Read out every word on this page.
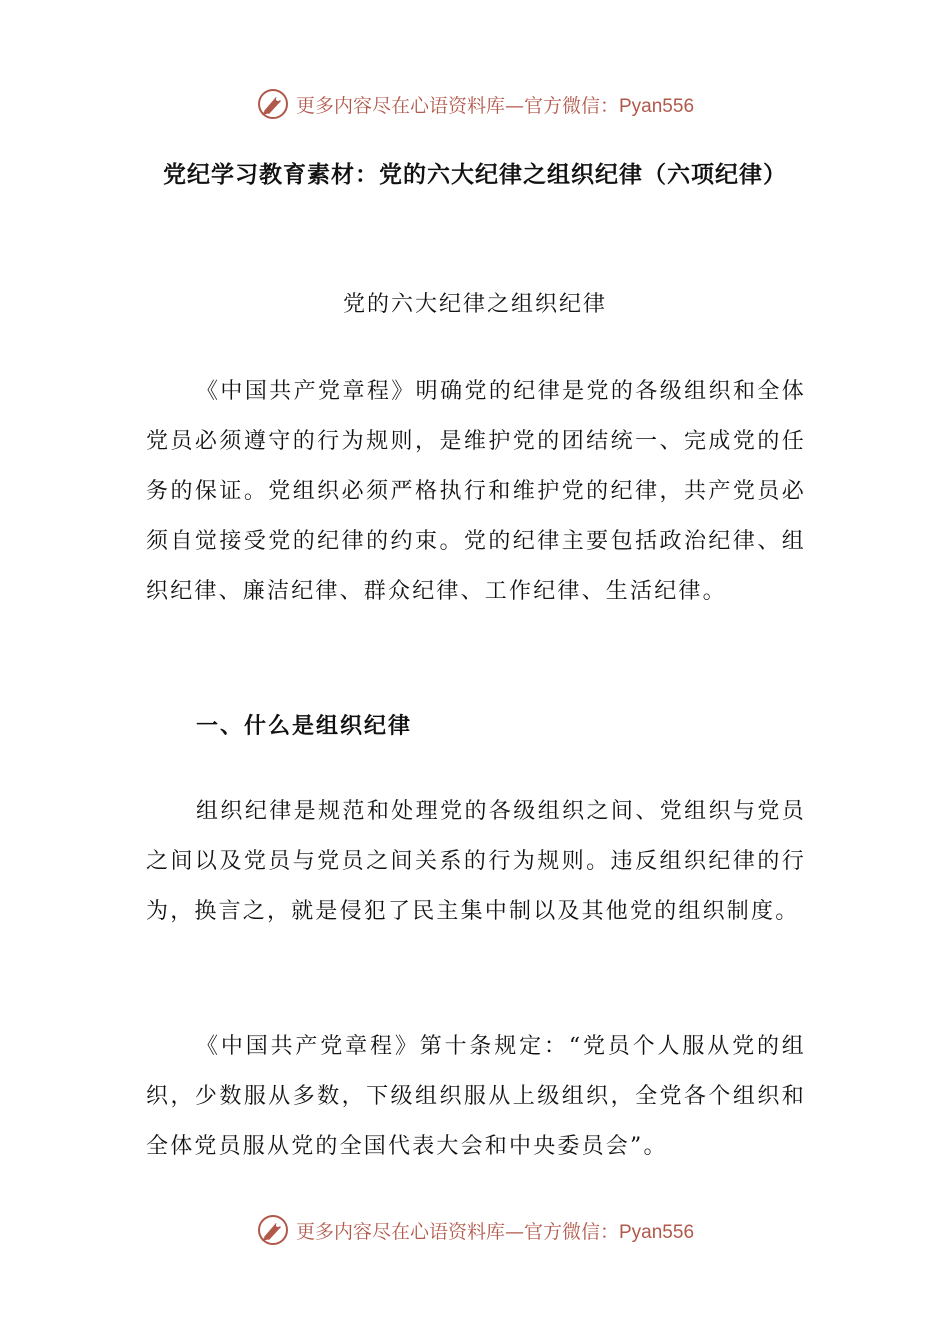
更多内容尽在心语资料库—官方微信：Pyan556
党纪学习教育素材：党的六大纪律之组织纪律（六项纪律）

党的六大纪律之组织纪律

《中国共产党章程》明确党的纪律是党的各级组织和全体党员必须遵守的行为规则，是维护党的团结统一、完成党的任务的保证。党组织必须严格执行和维护党的纪律，共产党员必须自觉接受党的纪律的约束。党的纪律主要包括政治纪律、组织纪律、廉洁纪律、群众纪律、工作纪律、生活纪律。

一、什么是组织纪律

组织纪律是规范和处理党的各级组织之间、党组织与党员之间以及党员与党员之间关系的行为规则。违反组织纪律的行为，换言之，就是侵犯了民主集中制以及其他党的组织制度。

《中国共产党章程》第十条规定：“党员个人服从党的组织，少数服从多数，下级组织服从上级组织，全党各个组织和全体党员服从党的全国代表大会和中央委员会”。

更多内容尽在心语资料库—官方微信：Pyan556
